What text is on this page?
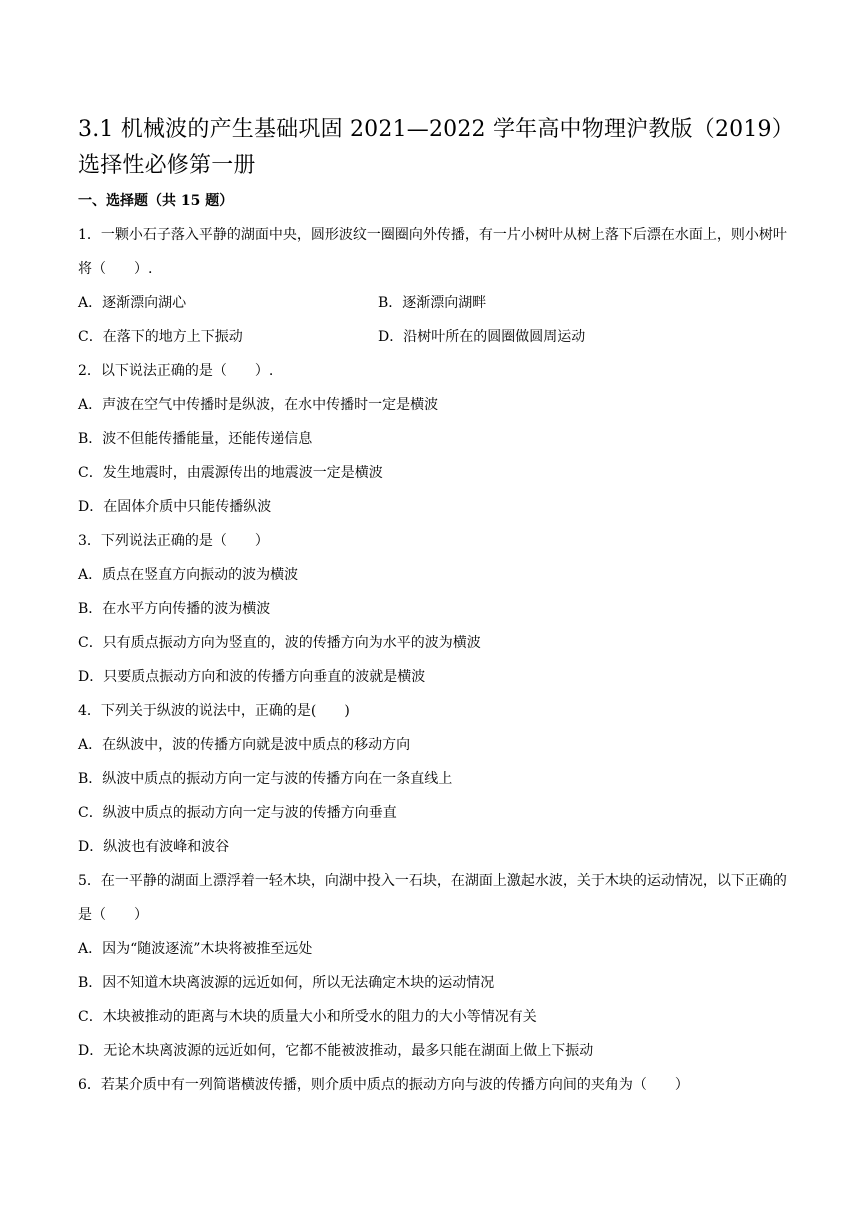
3.1 机械波的产生基础巩固 2021—2022 学年高中物理沪教版（2019）选择性必修第一册
一、选择题（共 15 题）

1．一颗小石子落入平静的湖面中央，圆形波纹一圈圈向外传播，有一片小树叶从树上落下后漂在水面上，则小树叶将（　　）.

A．逐渐漂向湖心	B．逐渐漂向湖畔
C．在落下的地方上下振动	D．沿树叶所在的圆圈做圆周运动

2．以下说法正确的是（　　）.

A．声波在空气中传播时是纵波，在水中传播时一定是横波

B．波不但能传播能量，还能传递信息

C．发生地震时，由震源传出的地震波一定是横波

D．在固体介质中只能传播纵波

3．下列说法正确的是（　　）

A．质点在竖直方向振动的波为横波

B．在水平方向传播的波为横波

C．只有质点振动方向为竖直的，波的传播方向为水平的波为横波

D．只要质点振动方向和波的传播方向垂直的波就是横波

4．下列关于纵波的说法中，正确的是(　　)

A．在纵波中，波的传播方向就是波中质点的移动方向

B．纵波中质点的振动方向一定与波的传播方向在一条直线上

C．纵波中质点的振动方向一定与波的传播方向垂直

D．纵波也有波峰和波谷

5．在一平静的湖面上漂浮着一轻木块，向湖中投入一石块，在湖面上激起水波，关于木块的运动情况，以下正确的是（　　）

A．因为“随波逐流”木块将被推至远处

B．因不知道木块离波源的远近如何，所以无法确定木块的运动情况

C．木块被推动的距离与木块的质量大小和所受水的阻力的大小等情况有关

D．无论木块离波源的远近如何，它都不能被波推动，最多只能在湖面上做上下振动

6．若某介质中有一列简谐横波传播，则介质中质点的振动方向与波的传播方向间的夹角为（　　）
